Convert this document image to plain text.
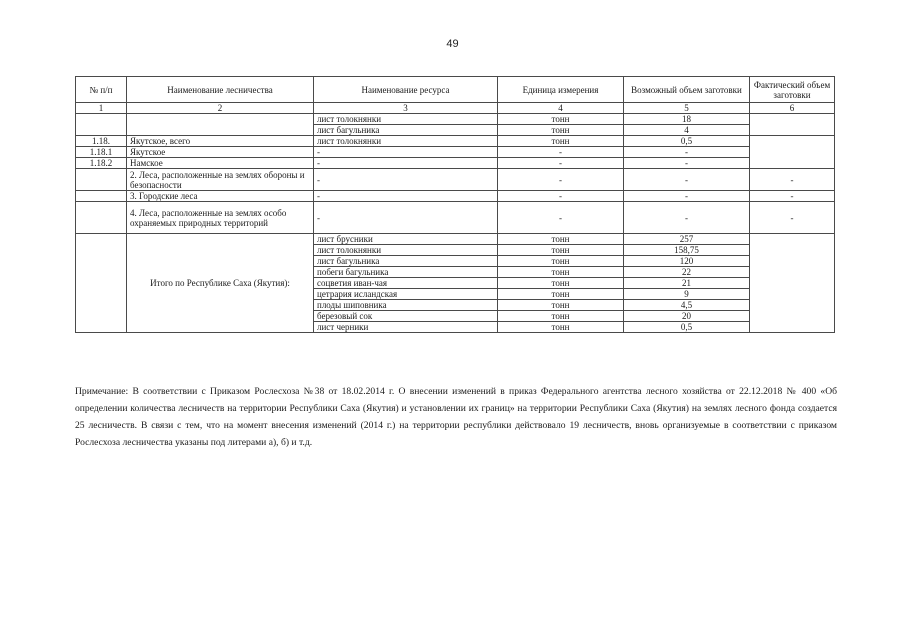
49
№ п/п	Наименование лесничества	Наименование ресурса	Единица измерения	Возможный объем заготовки	Фактический объем заготовки
1	2	3	4	5	6
		лист толокнянки	тонн	18	
		лист багульника	тонн	4	
1.18.	Якутское, всего	лист толокнянки	тонн	0,5	
1.18.1	Якутское	-	-	-	
1.18.2	Намское	-	-	-	
	2. Леса, расположенные на землях обороны и безопасности	-	-	-	-
	3. Городские леса	-	-	-	-
	4. Леса, расположенные на землях особо охраняемых природных территорий	-	-	-	-
	Итого по Республике Саха (Якутия):	лист брусники	тонн	257	
		лист толокнянки	тонн	158,75	
		лист багульника	тонн	120	
		побеги багульника	тонн	22	
		соцветия иван-чая	тонн	21	
		цетрария исландская	тонн	9	
		плоды шиповника	тонн	4,5	
		березовый сок	тонн	20	
		лист черники	тонн	0,5	

Примечание: В соответствии с Приказом Рослесхоза №38 от 18.02.2014 г. О внесении изменений в приказ Федерального агентства лесного хозяйства от 22.12.2018 № 400 «Об определении количества лесничеств на территории Республики Саха (Якутия) и установлении их границ» на территории Республики Саха (Якутия) на землях лесного фонда создается 25 лесничеств. В связи с тем, что на момент внесения изменений (2014 г.) на территории республики действовало 19 лесничеств, вновь организуемые в соответствии с приказом Рослесхоза лесничества указаны под литерами а), б) и т.д.
